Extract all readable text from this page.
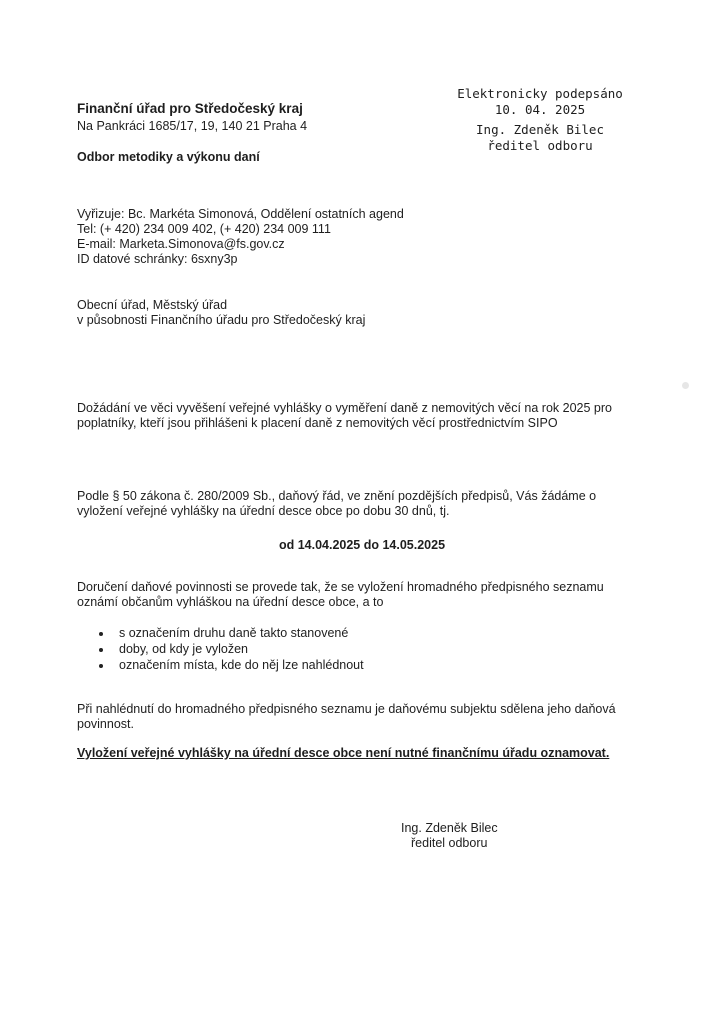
Elektronicky podepsáno
10. 04. 2025
Ing. Zdeněk Bilec
ředitel odboru
Finanční úřad pro Středočeský kraj
Na Pankráci 1685/17, 19, 140 21 Praha 4
Odbor metodiky a výkonu daní
Vyřizuje: Bc. Markéta Simonová, Oddělení ostatních agend
Tel: (+ 420) 234 009 402, (+ 420) 234 009 111
E-mail: Marketa.Simonova@fs.gov.cz
ID datové schránky: 6sxny3p
Obecní úřad, Městský úřad
v působnosti Finančního úřadu pro Středočeský kraj
Dožádání ve věci vyvěšení veřejné vyhlášky o vyměření daně z nemovitých věcí na rok 2025 pro
poplatníky, kteří jsou přihlášeni k placení daně z nemovitých věcí prostřednictvím SIPO
Podle § 50 zákona č. 280/2009 Sb., daňový řád, ve znění pozdějších předpisů, Vás žádáme o
vyložení veřejné vyhlášky na úřední desce obce po dobu 30 dnů, tj.
od 14.04.2025 do 14.05.2025
Doručení daňové povinnosti se provede tak, že se vyložení hromadného předpisného seznamu
oznámí občanům vyhláškou na úřední desce obce, a to
s označením druhu daně takto stanovené
doby, od kdy je vyložen
označením místa, kde do něj lze nahlédnout
Při nahlédnutí do hromadného předpisného seznamu je daňovému subjektu sdělena jeho daňová
povinnost.
Vyložení veřejné vyhlášky na úřední desce obce není nutné finančnímu úřadu oznamovat.
Ing. Zdeněk Bilec
ředitel odboru
